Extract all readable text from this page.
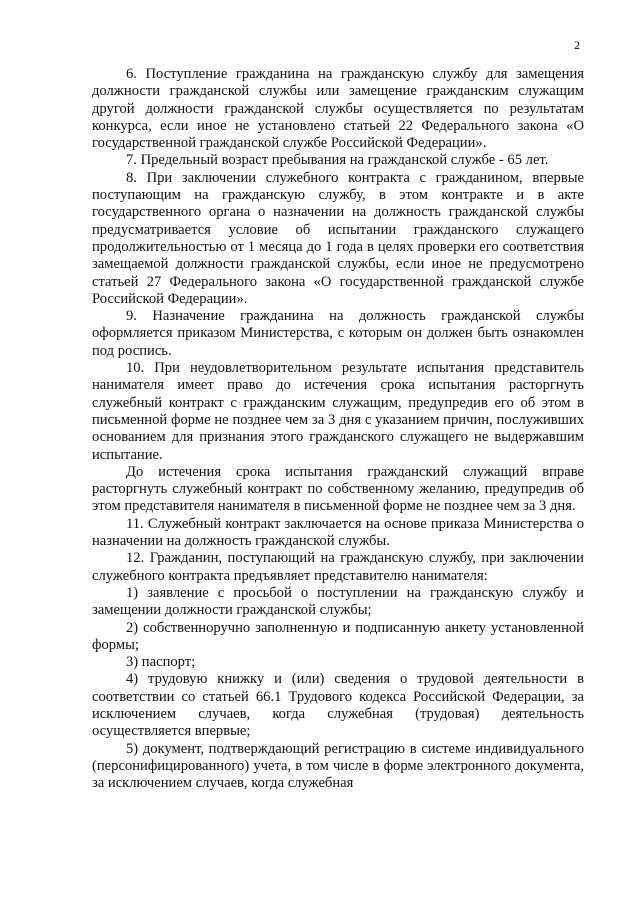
2

6. Поступление гражданина на гражданскую службу для замещения должности гражданской службы или замещение гражданским служащим другой должности гражданской службы осуществляется по результатам конкурса, если иное не установлено статьей 22 Федерального закона «О государственной гражданской службе Российской Федерации».

7. Предельный возраст пребывания на гражданской службе - 65 лет.

8. При заключении служебного контракта с гражданином, впервые поступающим на гражданскую службу, в этом контракте и в акте государственного органа о назначении на должность гражданской службы предусматривается условие об испытании гражданского служащего продолжительностью от 1 месяца до 1 года в целях проверки его соответствия замещаемой должности гражданской службы, если иное не предусмотрено статьей 27 Федерального закона «О государственной гражданской службе Российской Федерации».

9. Назначение гражданина на должность гражданской службы оформляется приказом Министерства, с которым он должен быть ознакомлен под роспись.

10. При неудовлетворительном результате испытания представитель нанимателя имеет право до истечения срока испытания расторгнуть служебный контракт с гражданским служащим, предупредив его об этом в письменной форме не позднее чем за 3 дня с указанием причин, послуживших основанием для признания этого гражданского служащего не выдержавшим испытание.

До истечения срока испытания гражданский служащий вправе расторгнуть служебный контракт по собственному желанию, предупредив об этом представителя нанимателя в письменной форме не позднее чем за 3 дня.

11. Служебный контракт заключается на основе приказа Министерства о назначении на должность гражданской службы.

12. Гражданин, поступающий на гражданскую службу, при заключении служебного контракта предъявляет представителю нанимателя:

1) заявление с просьбой о поступлении на гражданскую службу и замещении должности гражданской службы;

2) собственноручно заполненную и подписанную анкету установленной формы;

3) паспорт;

4) трудовую книжку и (или) сведения о трудовой деятельности в соответствии со статьей 66.1 Трудового кодекса Российской Федерации, за исключением случаев, когда служебная (трудовая) деятельность осуществляется впервые;

5) документ, подтверждающий регистрацию в системе индивидуального (персонифицированного) учета, в том числе в форме электронного документа, за исключением случаев, когда служебная
